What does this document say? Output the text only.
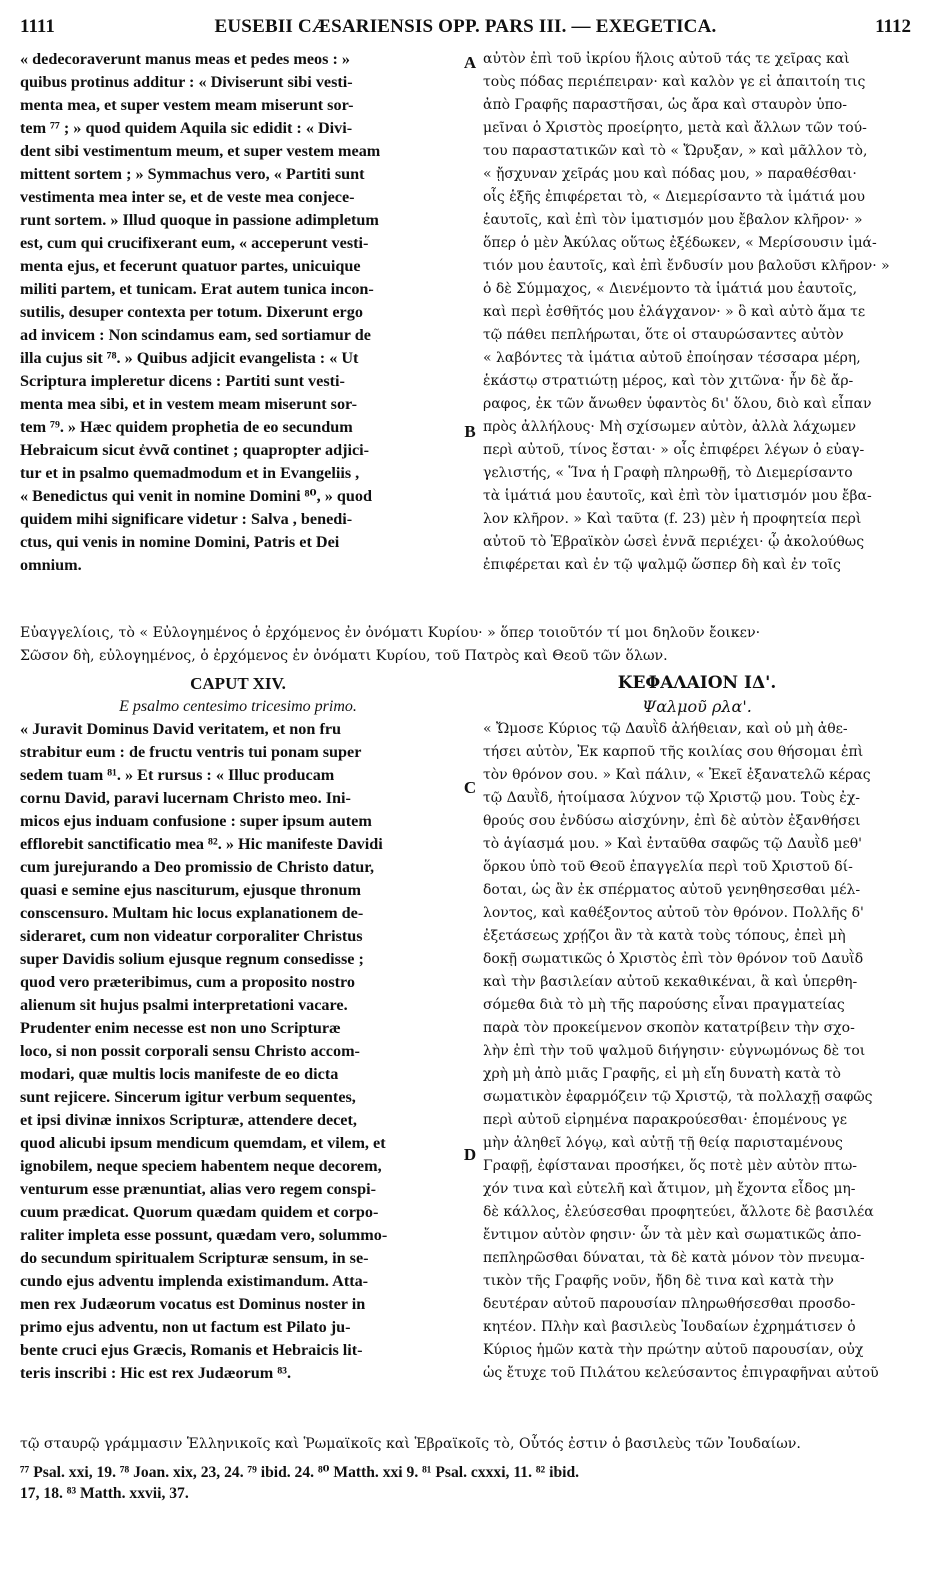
1111	EUSEBII CÆSARIENSIS OPP. PARS III. — EXEGETICA.	1112
A
B
C
D
« dedecoraverunt manus meas et pedes meos : »
quibus protinus additur : « Diviserunt sibi vesti-
menta mea, et super vestem meam miserunt sor-
tem ⁷⁷ ; » quod quidem Aquila sic edidit : « Divi-
dent sibi vestimentum meum, et super vestem meam
mittent sortem ; » Symmachus vero, « Partiti sunt
vestimenta mea inter se, et de veste mea conjece-
runt sortem. » Illud quoque in passione adimpletum
est, cum qui crucifixerant eum, « acceperunt vesti-
menta ejus, et fecerunt quatuor partes, unicuique
militi partem, et tunicam. Erat autem tunica incon-
sutilis, desuper contexta per totum. Dixerunt ergo
ad invicem : Non scindamus eam, sed sortiamur de
illa cujus sit ⁷⁸. » Quibus adjicit evangelista : « Ut
Scriptura impleretur dicens : Partiti sunt vesti-
menta mea sibi, et in vestem meam miserunt sor-
tem ⁷⁹. » Hæc quidem prophetia de eo secundum
Hebraicum sicut ἐννᾶ continet ; quapropter adjici-
tur et in psalmo quemadmodum et in Evangeliis ,
« Benedictus qui venit in nomine Domini ⁸⁰, » quod
quidem mihi significare videtur : Salva , benedi-
ctus, qui venis in nomine Domini, Patris et Dei
omnium.
αὐτὸν ἐπὶ τοῦ ἰκρίου ἥλοις αὐτοῦ τάς τε χεῖρας καὶ
τοὺς πόδας περιέπειραν· καὶ καλὸν γε εἰ ἀπαιτοίη τις
ἀπὸ Γραφῆς παραστῆσαι, ὡς ἄρα καὶ σταυρὸν ὑπο-
μεῖναι ὁ Χριστὸς προείρητο, μετὰ καὶ ἄλλων τῶν τού-
του παραστατικῶν καὶ τὸ « Ὤρυξαν, » καὶ μᾶλλον τὸ,
« ᾔσχυναν χεῖράς μου καὶ πόδας μου, » παραθέσθαι·
οἷς ἑξῆς ἐπιφέρεται τὸ, « Διεμερίσαντο τὰ ἱμάτιά μου
ἑαυτοῖς, καὶ ἐπὶ τὸν ἱματισμόν μου ἔβαλον κλῆρον· »
ὅπερ ὁ μὲν Ἀκύλας οὕτως ἐξέδωκεν, « Μερίσουσιν ἱμά-
τιόν μου ἑαυτοῖς, καὶ ἐπὶ ἔνδυσίν μου βαλοῦσι κλῆρον· »
ὁ δὲ Σύμμαχος, « Διενέμοντο τὰ ἱμάτιά μου ἑαυτοῖς,
καὶ περὶ ἐσθῆτός μου ἐλάγχανον· » ὃ καὶ αὐτὸ ἅμα τε
τῷ πάθει πεπλήρωται, ὅτε οἱ σταυρώσαντες αὐτὸν
« λαβόντες τὰ ἱμάτια αὐτοῦ ἐποίησαν τέσσαρα μέρη,
ἑκάστῳ στρατιώτῃ μέρος, καὶ τὸν χιτῶνα· ἦν δὲ ἄρ-
ραφος, ἐκ τῶν ἄνωθεν ὑφαντὸς δι' ὅλου, διὸ καὶ εἶπαν
πρὸς ἀλλήλους· Μὴ σχίσωμεν αὐτὸν, ἀλλὰ λάχωμεν
περὶ αὐτοῦ, τίνος ἔσται· » οἷς ἐπιφέρει λέγων ὁ εὐαγ-
γελιστής, « Ἵνα ἡ Γραφὴ πληρωθῇ, τὸ Διεμερίσαντο
τὰ ἱμάτιά μου ἑαυτοῖς, καὶ ἐπὶ τὸν ἱματισμόν μου ἔβα-
λον κλῆρον. » Καὶ ταῦτα (f. 23) μὲν ἡ προφητεία περὶ
αὐτοῦ τὸ Ἑβραϊκὸν ὡσεὶ ἐννᾶ περιέχει· ᾧ ἀκολούθως
ἐπιφέρεται καὶ ἐν τῷ ψαλμῷ ὥσπερ δὴ καὶ ἐν τοῖς
Εὐαγγελίοις, τὸ « Εὐλογημένος ὁ ἐρχόμενος ἐν ὀνόματι Κυρίου· » ὅπερ τοιοῦτόν τί μοι δηλοῦν ἔοικεν·
Σῶσον δὴ, εὐλογημένος, ὁ ἐρχόμενος ἐν ὀνόματι Κυρίου, τοῦ Πατρὸς καὶ Θεοῦ τῶν ὅλων.
CAPUT XIV.
E psalmo centesimo tricesimo primo.
« Juravit Dominus David veritatem, et non fru
strabitur eum : de fructu ventris tui ponam super
sedem tuam ⁸¹. » Et rursus : « Illuc producam
cornu David, paravi lucernam Christo meo. Ini-
micos ejus induam confusione : super ipsum autem
efflorebit sanctificatio mea ⁸². » Hic manifeste Davidi
cum jurejurando a Deo promissio de Christo datur,
quasi e semine ejus nasciturum, ejusque thronum
conscensuro. Multam hic locus explanationem de-
sideraret, cum non videatur corporaliter Christus
super Davidis solium ejusque regnum consedisse ;
quod vero præteribimus, cum a proposito nostro
alienum sit hujus psalmi interpretationi vacare.
Prudenter enim necesse est non uno Scripturæ
loco, si non possit corporali sensu Christo accom-
modari, quæ multis locis manifeste de eo dicta
sunt rejicere. Sincerum igitur verbum sequentes,
et ipsi divinæ innixos Scripturæ, attendere decet,
quod alicubi ipsum mendicum quemdam, et vilem, et
ignobilem, neque speciem habentem neque decorem,
venturum esse prænuntiat, alias vero regem conspi-
cuum prædicat. Quorum quædam quidem et corpo-
raliter impleta esse possunt, quædam vero, solummo-
do secundum spiritualem Scripturæ sensum, in se-
cundo ejus adventu implenda existimandum. Atta-
men rex Judæorum vocatus est Dominus noster in
primo ejus adventu, non ut factum est Pilato ju-
bente cruci ejus Græcis, Romanis et Hebraicis lit-
teris inscribi : Hic est rex Judæorum ⁸³.
ΚΕΦΑΛΑΙΟΝ ΙΔ'.
Ψαλμοῦ ρλα'.
« Ὤμοσε Κύριος τῷ Δαυῒδ ἀλήθειαν, καὶ οὐ μὴ ἀθε-
τήσει αὐτὸν, Ἐκ καρποῦ τῆς κοιλίας σου θήσομαι ἐπὶ
τὸν θρόνον σου. » Καὶ πάλιν, « Ἐκεῖ ἐξανατελῶ κέρας
τῷ Δαυῒδ, ἡτοίμασα λύχνον τῷ Χριστῷ μου. Τοὺς ἐχ-
θρούς σου ἐνδύσω αἰσχύνην, ἐπὶ δὲ αὐτὸν ἐξανθήσει
τὸ ἁγίασμά μου. » Καὶ ἐνταῦθα σαφῶς τῷ Δαυῒδ μεθ'
ὅρκου ὑπὸ τοῦ Θεοῦ ἐπαγγελία περὶ τοῦ Χριστοῦ δί-
δοται, ὡς ἂν ἐκ σπέρματος αὐτοῦ γενηθησεσθαι μέλ-
λοντος, καὶ καθέξοντος αὐτοῦ τὸν θρόνον. Πολλῆς δ'
ἐξετάσεως χρῄζοι ἂν τὰ κατὰ τοὺς τόπους, ἐπεὶ μὴ
δοκῇ σωματικῶς ὁ Χριστὸς ἐπὶ τὸν θρόνον τοῦ Δαυῒδ
καὶ τὴν βασιλείαν αὐτοῦ κεκαθικέναι, ἃ καὶ ὑπερθη-
σόμεθα διὰ τὸ μὴ τῆς παρούσης εἶναι πραγματείας
παρὰ τὸν προκείμενον σκοπὸν κατατρίβειν τὴν σχο-
λὴν ἐπὶ τὴν τοῦ ψαλμοῦ διήγησιν· εὐγνωμόνως δὲ τοι
χρὴ μὴ ἀπὸ μιᾶς Γραφῆς, εἰ μὴ εἴη δυνατὴ κατὰ τὸ
σωματικὸν ἐφαρμόζειν τῷ Χριστῷ, τὰ πολλαχῇ σαφῶς
περὶ αὐτοῦ εἰρημένα παρακρούεσθαι· ἑπομένους γε
μὴν ἀληθεῖ λόγῳ, καὶ αὐτῇ τῇ θείᾳ παρισταμένους
Γραφῇ, ἐφίσταναι προσήκει, ὅς ποτὲ μὲν αὐτὸν πτω-
χόν τινα καὶ εὐτελῆ καὶ ἄτιμον, μὴ ἔχοντα εἶδος μη-
δὲ κάλλος, ἐλεύσεσθαι προφητεύει, ἄλλοτε δὲ βασιλέα
ἔντιμον αὐτὸν φησιν· ὧν τὰ μὲν καὶ σωματικῶς ἀπο-
πεπληρῶσθαι δύναται, τὰ δὲ κατὰ μόνον τὸν πνευμα-
τικὸν τῆς Γραφῆς νοῦν, ἤδη δὲ τινα καὶ κατὰ τὴν
δευτέραν αὐτοῦ παρουσίαν πληρωθήσεσθαι προσδο-
κητέον. Πλὴν καὶ βασιλεὺς Ἰουδαίων ἐχρημάτισεν ὁ
Κύριος ἡμῶν κατὰ τὴν πρώτην αὐτοῦ παρουσίαν, οὐχ
ὡς ἔτυχε τοῦ Πιλάτου κελεύσαντος ἐπιγραφῆναι αὐτοῦ
τῷ σταυρῷ γράμμασιν Ἑλληνικοῖς καὶ Ῥωμαϊκοῖς καὶ Ἑβραϊκοῖς τὸ, Οὗτός ἐστιν ὁ βασιλεὺς τῶν Ἰουδαίων.
⁷⁷ Psal. xxi, 19. ⁷⁸ Joan. xix, 23, 24. ⁷⁹ ibid. 24. ⁸⁰ Matth. xxi 9. ⁸¹ Psal. cxxxi, 11. ⁸² ibid.
17, 18. ⁸³ Matth. xxvii, 37.
